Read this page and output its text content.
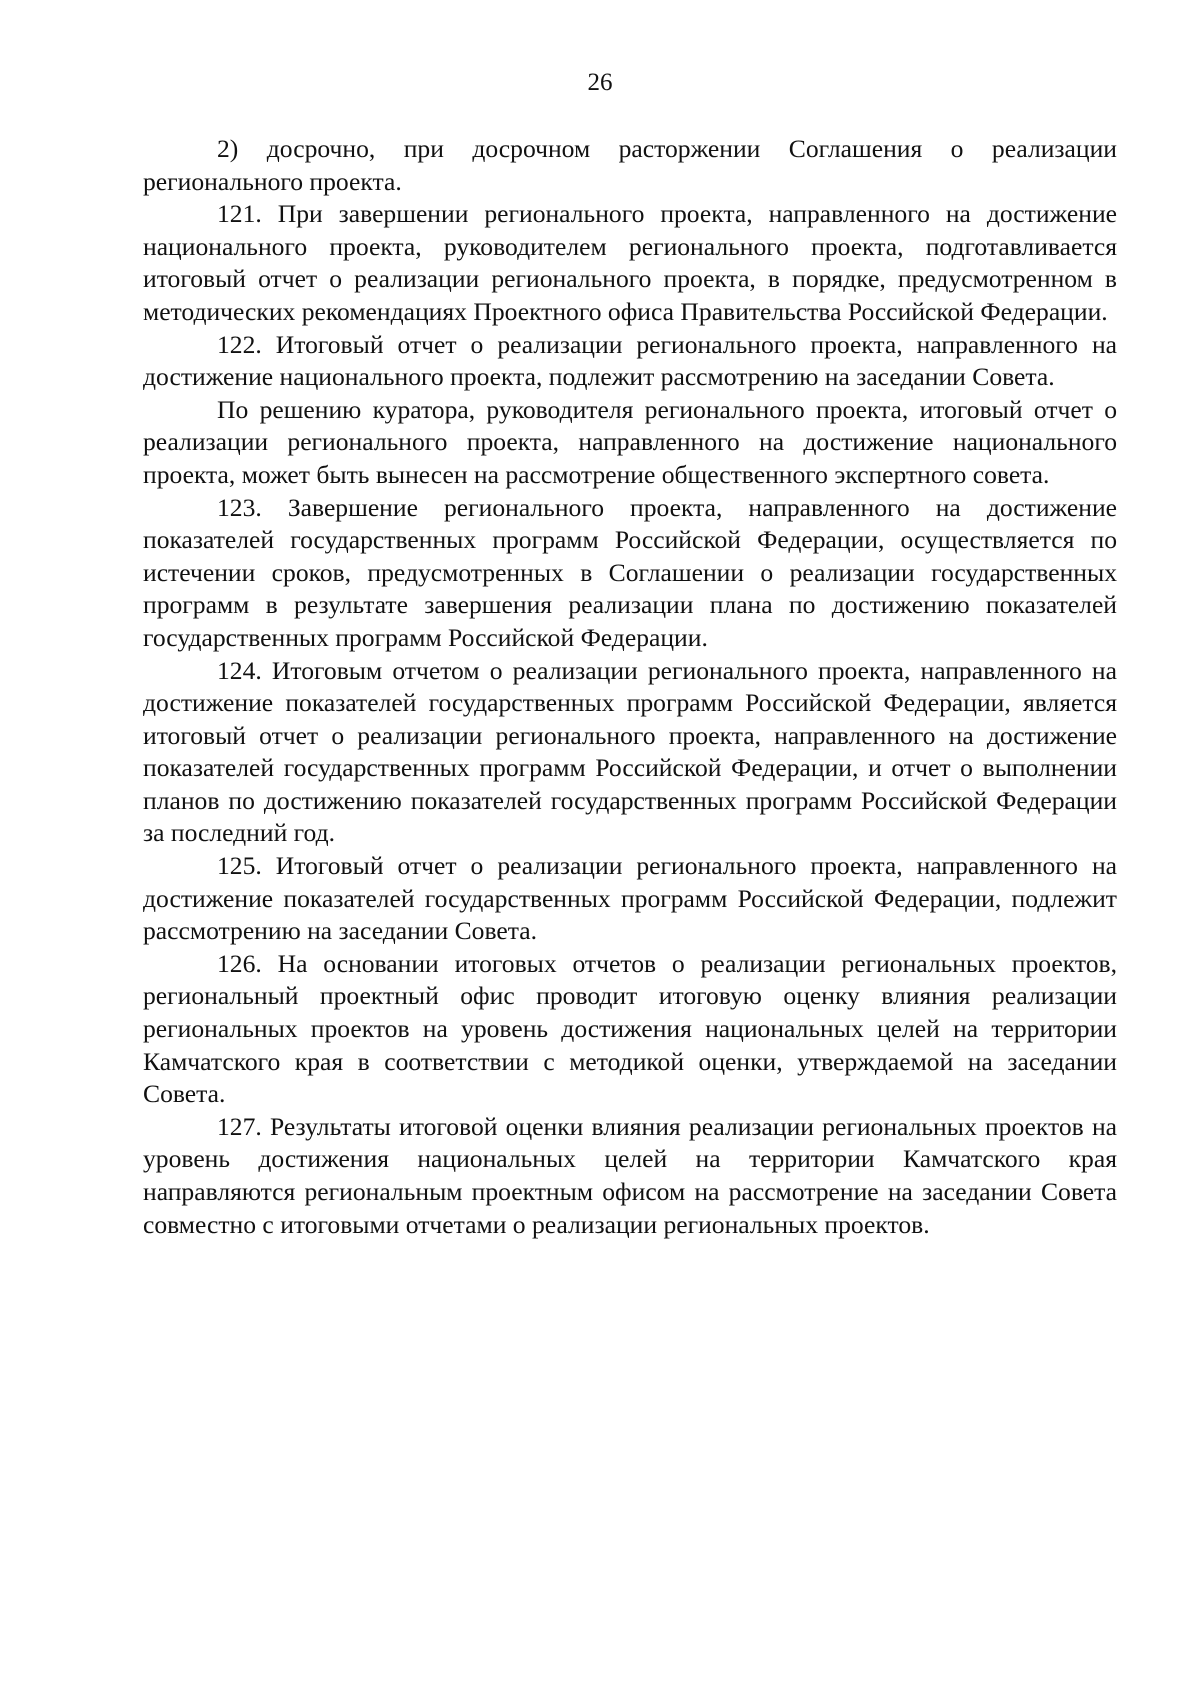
26

2) досрочно, при досрочном расторжении Соглашения о реализации регионального проекта.

121. При завершении регионального проекта, направленного на достижение национального проекта, руководителем регионального проекта, подготавливается итоговый отчет о реализации регионального проекта, в порядке, предусмотренном в методических рекомендациях Проектного офиса Правительства Российской Федерации.

122. Итоговый отчет о реализации регионального проекта, направленного на достижение национального проекта, подлежит рассмотрению на заседании Совета.

По решению куратора, руководителя регионального проекта, итоговый отчет о реализации регионального проекта, направленного на достижение национального проекта, может быть вынесен на рассмотрение общественного экспертного совета.

123. Завершение регионального проекта, направленного на достижение показателей государственных программ Российской Федерации, осуществляется по истечении сроков, предусмотренных в Соглашении о реализации государственных программ в результате завершения реализации плана по достижению показателей государственных программ Российской Федерации.

124. Итоговым отчетом о реализации регионального проекта, направленного на достижение показателей государственных программ Российской Федерации, является итоговый отчет о реализации регионального проекта, направленного на достижение показателей государственных программ Российской Федерации, и отчет о выполнении планов по достижению показателей государственных программ Российской Федерации за последний год.

125. Итоговый отчет о реализации регионального проекта, направленного на достижение показателей государственных программ Российской Федерации, подлежит рассмотрению на заседании Совета.

126. На основании итоговых отчетов о реализации региональных проектов, региональный проектный офис проводит итоговую оценку влияния реализации региональных проектов на уровень достижения национальных целей на территории Камчатского края в соответствии с методикой оценки, утверждаемой на заседании Совета.

127. Результаты итоговой оценки влияния реализации региональных проектов на уровень достижения национальных целей на территории Камчатского края направляются региональным проектным офисом на рассмотрение на заседании Совета совместно с итоговыми отчетами о реализации региональных проектов.
